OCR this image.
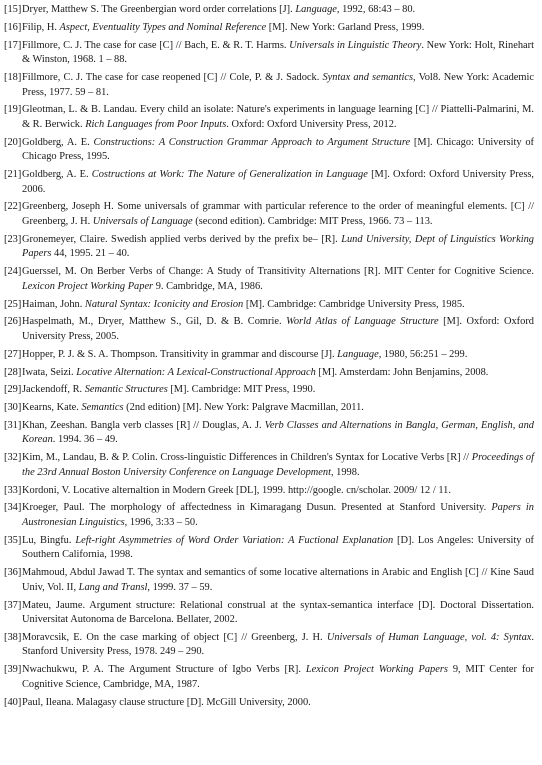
[15] Dryer, Matthew S. The Greenbergian word order correlations [J]. Language, 1992, 68:43 – 80.
[16] Filip, H. Aspect, Eventuality Types and Nominal Reference [M]. New York: Garland Press, 1999.
[17] Fillmore, C. J. The case for case [C] // Bach, E. & R. T. Harms. Universals in Linguistic Theory. New York: Holt, Rinehart & Winston, 1968. 1 – 88.
[18] Fillmore, C. J. The case for case reopened [C] // Cole, P. & J. Sadock. Syntax and semantics, Vol8. New York: Academic Press, 1977. 59 – 81.
[19] Gleotman, L. & B. Landau. Every child an isolate: Nature's experiments in language learning [C] // Piattelli-Palmarini, M. & R. Berwick. Rich Languages from Poor Inputs. Oxford: Oxford University Press, 2012.
[20] Goldberg, A. E. Constructions: A Construction Grammar Approach to Argument Structure [M]. Chicago: University of Chicago Press, 1995.
[21] Goldberg, A. E. Costructions at Work: The Nature of Generalization in Language [M]. Oxford: Oxford University Press, 2006.
[22] Greenberg, Joseph H. Some universals of grammar with particular reference to the order of meaningful elements. [C] // Greenberg, J. H. Universals of Language (second edition). Cambridge: MIT Press, 1966. 73 – 113.
[23] Gronemeyer, Claire. Swedish applied verbs derived by the prefix be– [R]. Lund University, Dept of Linguistics Working Papers 44, 1995. 21 – 40.
[24] Guerssel, M. On Berber Verbs of Change: A Study of Transitivity Alternations [R]. MIT Center for Cognitive Science. Lexicon Project Working Paper 9. Cambridge, MA, 1986.
[25] Haiman, John. Natural Syntax: Iconicity and Erosion [M]. Cambridge: Cambridge University Press, 1985.
[26] Haspelmath, M., Dryer, Matthew S., Gil, D. & B. Comrie. World Atlas of Language Structure [M]. Oxford: Oxford University Press, 2005.
[27] Hopper, P. J. & S. A. Thompson. Transitivity in grammar and discourse [J]. Language, 1980, 56:251 – 299.
[28] Iwata, Seizi. Locative Alternation: A Lexical-Constructional Approach [M]. Amsterdam: John Benjamins, 2008.
[29] Jackendoff, R. Semantic Structures [M]. Cambridge: MIT Press, 1990.
[30] Kearns, Kate. Semantics (2nd edition) [M]. New York: Palgrave Macmillan, 2011.
[31] Khan, Zeeshan. Bangla verb classes [R] // Douglas, A. J. Verb Classes and Alternations in Bangla, German, English, and Korean. 1994. 36 – 49.
[32] Kim, M., Landau, B. & P. Colin. Cross-linguistic Differences in Children's Syntax for Locative Verbs [R] // Proceedings of the 23rd Annual Boston University Conference on Language Development, 1998.
[33] Kordoni, V. Locative alternaltion in Modern Greek [DL], 1999. http://google. cn/scholar. 2009/ 12 / 11.
[34] Kroeger, Paul. The morphology of affectedness in Kimaragang Dusun. Presented at Stanford University. Papers in Austronesian Linguistics, 1996, 3:33 – 50.
[35] Lu, Bingfu. Left-right Asymmetries of Word Order Variation: A Fuctional Explanation [D]. Los Angeles: University of Southern California, 1998.
[36] Mahmoud, Abdul Jawad T. The syntax and semantics of some locative alternations in Arabic and English [C] // Kine Saud Univ, Vol. II, Lang and Transl, 1999. 37 – 59.
[37] Mateu, Jaume. Argument structure: Relational construal at the syntax-semantica interface [D]. Doctoral Dissertation. Universitat Autonoma de Barcelona. Bellater, 2002.
[38] Moravcsik, E. On the case marking of object [C] // Greenberg, J. H. Universals of Human Language, vol. 4: Syntax. Stanford University Press, 1978. 249 – 290.
[39] Nwachukwu, P. A. The Argument Structure of Igbo Verbs [R]. Lexicon Project Working Papers 9, MIT Center for Cognitive Science, Cambridge, MA, 1987.
[40] Paul, Ileana. Malagasy clause structure [D]. McGill University, 2000.
